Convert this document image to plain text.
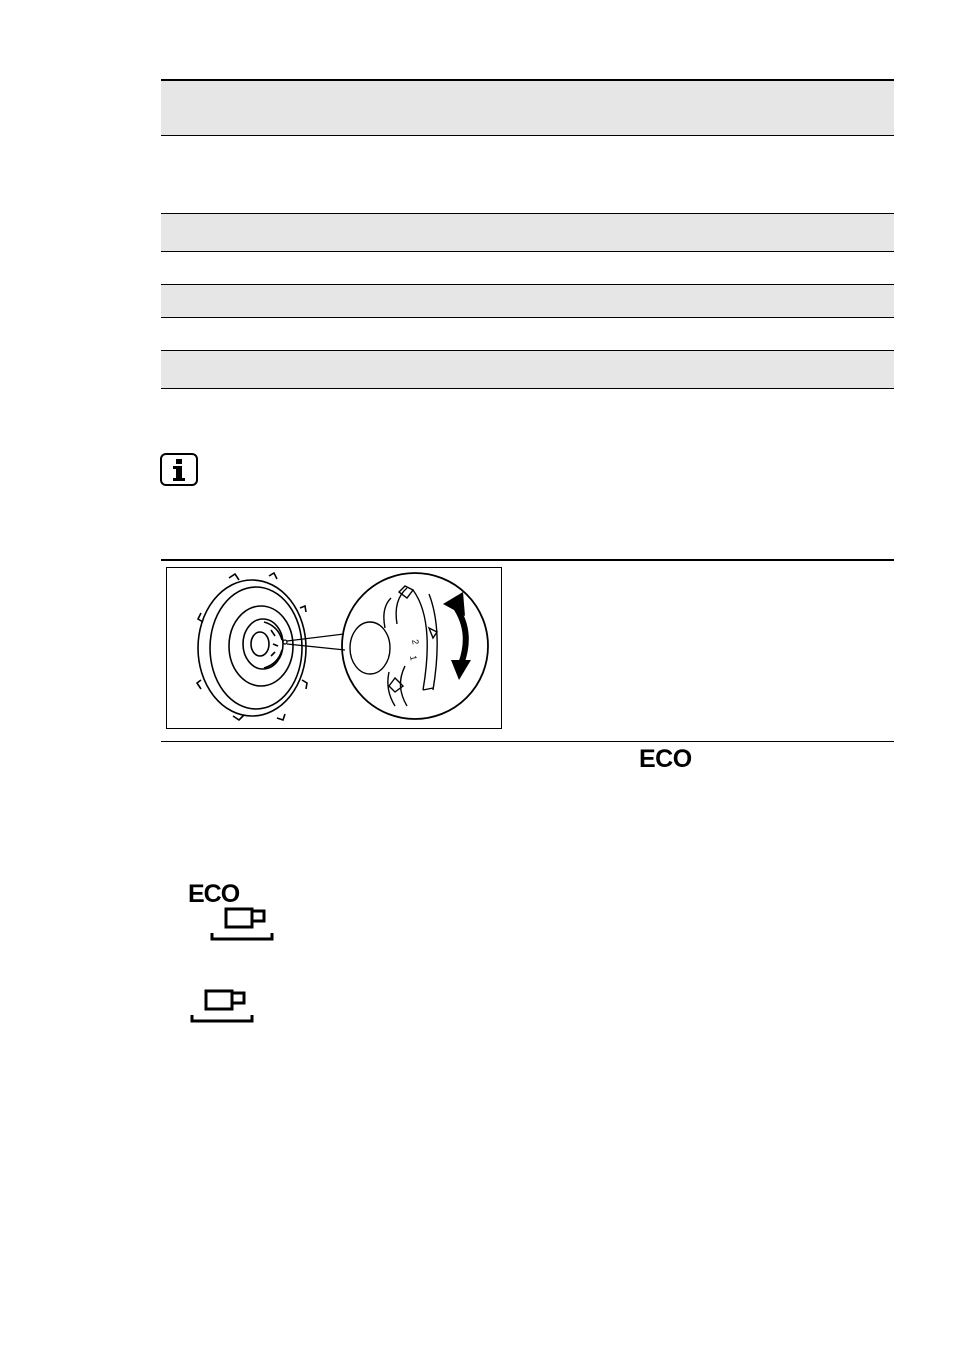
2
1
ECO
ECO
